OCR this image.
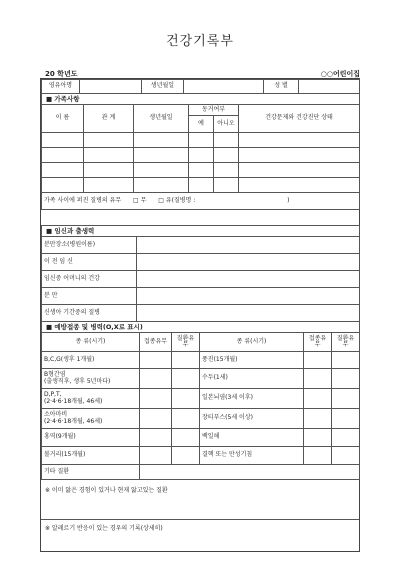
건강기록부
20 학년도	○○어린이집
영유아명		생년월일		성 별	
■ 가족사항					
이 름	관 계	생년월일	동거여부		건강문제와 건강진단 상태
			예	아니오	

가족 사이에 퍼진 질병의 유무 □ 무 □ 유(질병명 : )					
■ 임신과 출생력	
분만장소(병원이름)	
이 전 임 신	
임신중 어머니의 건강	
분 만	
신생아 기간중의 질병	
■ 예방접종 및 병력(O,X로 표시)					
종 류(시기)	접종유무	질환유무	종 류(시기)	접종유무	질환유무
B,C,G(생후 1개월)			풍진(15개월)		
B형간염
(출생직후, 생후 5년마다)			수두(1세)		
D,P,T,
(2·4·6·18개월, 46세)			일본뇌염(3세 이후)		
소아마비
(2·4·6·18개월, 46세)			장티푸스(5세 이상)		
홍역(9개월)			백일해		
볼거리(15개월)			결핵 또는 만성기침		
기타 질환					
※ 이미 앓은 경험이 있거나 현재 앓고있는 질환
※ 알레르기 반응이 있는 경우의 기록(상세히)
